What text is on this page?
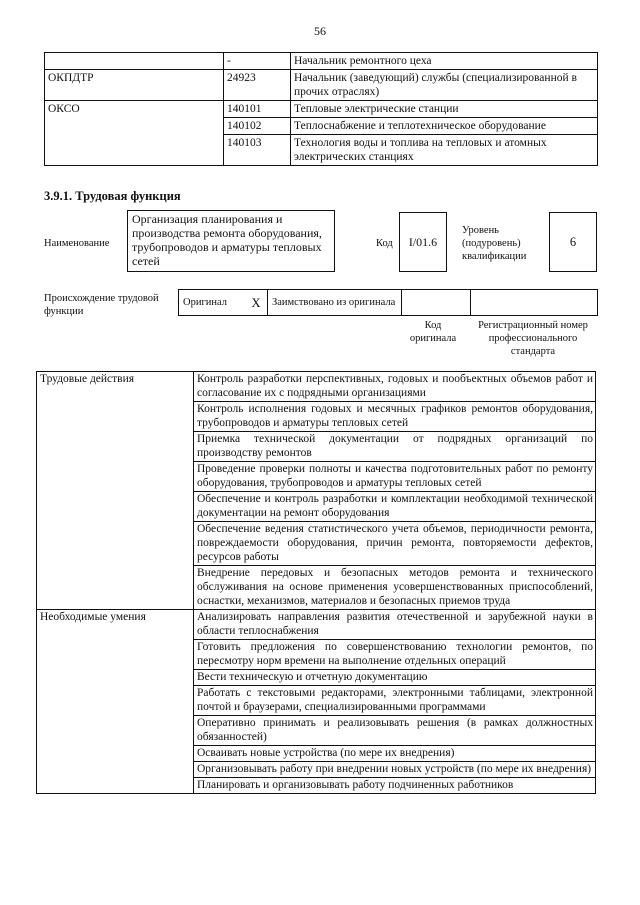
56
	-	Начальник ремонтного цеха
ОКПДТР	24923	Начальник (заведующий) службы (специализированной в прочих отраслях)
ОКСО	140101	Тепловые электрические станции
	140102	Теплоснабжение и теплотехническое оборудование
	140103	Технология воды и топлива на тепловых и атомных электрических станциях
3.9.1. Трудовая функция
Наименование
Организация планирования и производства ремонта оборудования, трубопроводов и арматуры тепловых сетей
Код	I/01.6
Уровень (подуровень) квалификации
6
Происхождение трудовой функции
Оригинал	X	Заимствовано из оригинала		
Код оригинала
Регистрационный номер профессионального стандарта
Трудовые действия	Контроль разработки перспективных, годовых и пообъектных объемов работ и согласование их с подрядными организациями
	Контроль исполнения годовых и месячных графиков ремонтов оборудования, трубопроводов и арматуры тепловых сетей
	Приемка технической документации от подрядных организаций по производству ремонтов
	Проведение проверки полноты и качества подготовительных работ по ремонту оборудования, трубопроводов и арматуры тепловых сетей
	Обеспечение и контроль разработки и комплектации необходимой технической документации на ремонт оборудования
	Обеспечение ведения статистического учета объемов, периодичности ремонта, повреждаемости оборудования, причин ремонта, повторяемости дефектов, ресурсов работы
	Внедрение передовых и безопасных методов ремонта и технического обслуживания на основе применения усовершенствованных приспособлений, оснастки, механизмов, материалов и безопасных приемов труда
Необходимые умения	Анализировать направления развития отечественной и зарубежной науки в области теплоснабжения
	Готовить предложения по совершенствованию технологии ремонтов, по пересмотру норм времени на выполнение отдельных операций
	Вести техническую и отчетную документацию
	Работать с текстовыми редакторами, электронными таблицами, электронной почтой и браузерами, специализированными программами
	Оперативно принимать и реализовывать решения (в рамках должностных обязанностей)
	Осваивать новые устройства (по мере их внедрения)
	Организовывать работу при внедрении новых устройств (по мере их внедрения)
	Планировать и организовывать работу подчиненных работников
